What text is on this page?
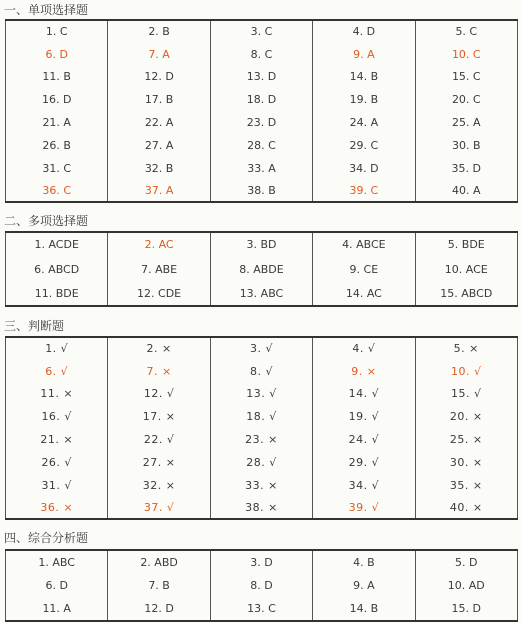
一、单项选择题
1. C	2. B	3. C	4. D	5. C
6. D	7. A	8. C	9. A	10. C
11. B	12. D	13. D	14. B	15. C
16. D	17. B	18. D	19. B	20. C
21. A	22. A	23. D	24. A	25. A
26. B	27. A	28. C	29. C	30. B
31. C	32. B	33. A	34. D	35. D
36. C	37. A	38. B	39. C	40. A
二、多项选择题
1. ACDE	2. AC	3. BD	4. ABCE	5. BDE
6. ABCD	7. ABE	8. ABDE	9. CE	10. ACE
11. BDE	12. CDE	13. ABC	14. AC	15. ABCD
三、判断题
1. √	2. ×	3. √	4. √	5. ×
6. √	7. ×	8. √	9. ×	10. √
11. ×	12. √	13. √	14. √	15. √
16. √	17. ×	18. √	19. √	20. ×
21. ×	22. √	23. ×	24. √	25. ×
26. √	27. ×	28. √	29. √	30. ×
31. √	32. ×	33. ×	34. √	35. ×
36. ×	37. √	38. ×	39. √	40. ×
四、综合分析题
1. ABC	2. ABD	3. D	4. B	5. D
6. D	7. B	8. D	9. A	10. AD
11. A	12. D	13. C	14. B	15. D
